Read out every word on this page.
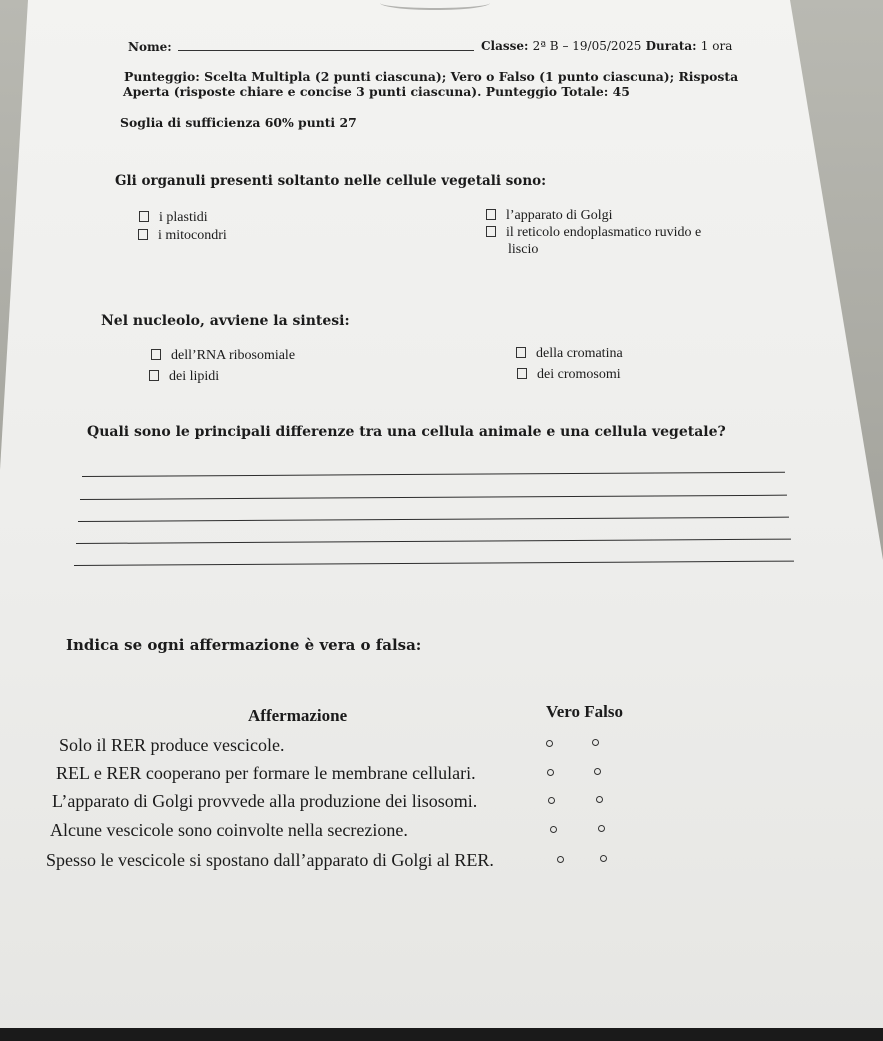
Nome:	Classe: 2ª B – 19/05/2025 Durata: 1 ora
Punteggio: Scelta Multipla (2 punti ciascuna); Vero o Falso (1 punto ciascuna); Risposta
Aperta (risposte chiare e concise 3 punti ciascuna). Punteggio Totale: 45
Soglia di sufficienza 60% punti 27
Gli organuli presenti soltanto nelle cellule vegetali sono:
i plastidi
i mitocondri
l’apparato di Golgi
il reticolo endoplasmatico ruvido e
liscio
Nel nucleolo, avviene la sintesi:
dell’RNA ribosomiale
dei lipidi
della cromatina
dei cromosomi
Quali sono le principali differenze tra una cellula animale e una cellula vegetale?
Indica se ogni affermazione è vera o falsa:
Affermazione	Vero Falso
Solo il RER produce vescicole.
REL e RER cooperano per formare le membrane cellulari.
L’apparato di Golgi provvede alla produzione dei lisosomi.
Alcune vescicole sono coinvolte nella secrezione.
Spesso le vescicole si spostano dall’apparato di Golgi al RER.
